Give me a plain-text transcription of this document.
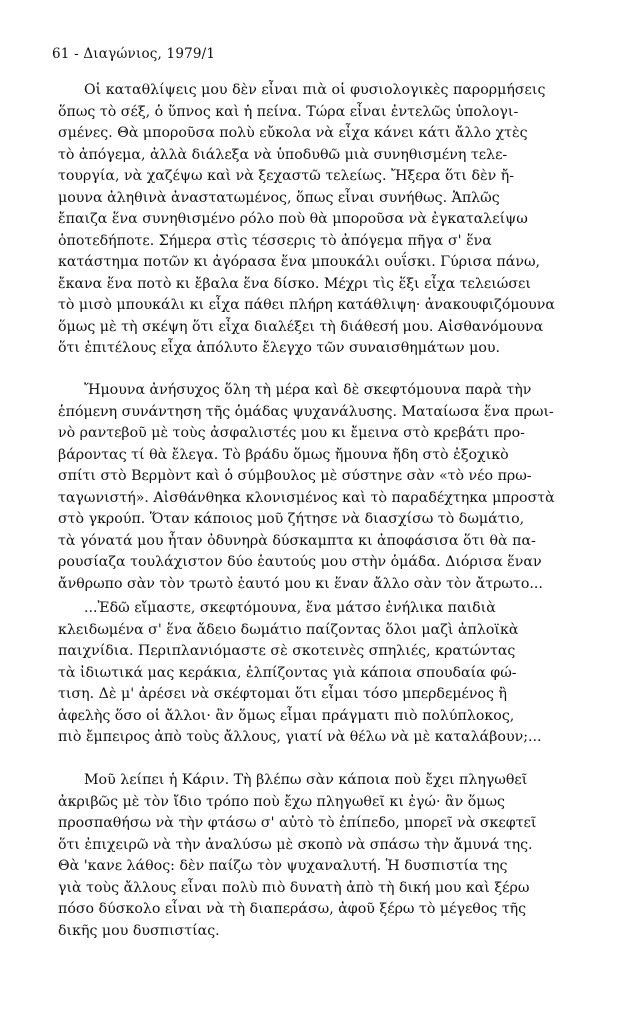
61 - Διαγώνιος, 1979/1
Οἱ καταθλίψεις μου δὲν εἶναι πιὰ οἱ φυσιολογικὲς παρορμήσεις
ὅπως τὸ σέξ, ὁ ὕπνος καὶ ἡ πείνα. Τώρα εἶναι ἐντελῶς ὑπολογι-
σμένες. Θὰ μποροῦσα πολὺ εὔκολα νὰ εἶχα κάνει κάτι ἄλλο χτὲς
τὸ ἀπόγεμα, ἀλλὰ διάλεξα νὰ ὑποδυθῶ μιὰ συνηθισμένη τελε-
τουργία, νὰ χαζέψω καὶ νὰ ξεχαστῶ τελείως. Ἤξερα ὅτι δὲν ἤ-
μουνα ἀληθινὰ ἀναστατωμένος, ὅπως εἶναι συνήθως. Ἁπλῶς
ἔπαιζα ἕνα συνηθισμένο ρόλο ποὺ θὰ μποροῦσα νὰ ἐγκαταλείψω
ὁποτεδήποτε. Σήμερα στὶς τέσσερις τὸ ἀπόγεμα πῆγα σ' ἕνα
κατάστημα ποτῶν κι ἀγόρασα ἕνα μπουκάλι ουΐσκι. Γύρισα πάνω,
ἔκανα ἕνα ποτὸ κι ἔβαλα ἕνα δίσκο. Μέχρι τὶς ἕξι εἶχα τελειώσει
τὸ μισὸ μπουκάλι κι εἶχα πάθει πλήρη κατάθλιψη· ἀνακουφιζόμουνα
ὅμως μὲ τὴ σκέψη ὅτι εἶχα διαλέξει τὴ διάθεσή μου. Αἰσθανόμουνα
ὅτι ἐπιτέλους εἶχα ἀπόλυτο ἔλεγχο τῶν συναισθημάτων μου.
Ἤμουνα ἀνήσυχος ὅλη τὴ μέρα καὶ δὲ σκεφτόμουνα παρὰ τὴν
ἑπόμενη συνάντηση τῆς ὁμάδας ψυχανάλυσης. Ματαίωσα ἕνα πρωι-
νὸ ραντεβοῦ μὲ τοὺς ἀσφαλιστές μου κι ἔμεινα στὸ κρεβάτι προ-
βάροντας τί θὰ ἔλεγα. Τὸ βράδυ ὅμως ἤμουνα ἤδη στὸ ἐξοχικὸ
σπίτι στὸ Βερμὸντ καὶ ὁ σύμβουλος μὲ σύστηνε σὰν «τὸ νέο πρω-
ταγωνιστή». Αἰσθάνθηκα κλονισμένος καὶ τὸ παραδέχτηκα μπροστὰ
στὸ γκρούπ. Ὅταν κάποιος μοῦ ζήτησε νὰ διασχίσω τὸ δωμάτιο,
τὰ γόνατά μου ἦταν ὀδυνηρὰ δύσκαμπτα κι ἀποφάσισα ὅτι θὰ πα-
ρουσίαζα τουλάχιστον δύο ἑαυτούς μου στὴν ὁμάδα. Διόρισα ἕναν
ἄνθρωπο σὰν τὸν τρωτὸ ἑαυτό μου κι ἕναν ἄλλο σὰν τὸν ἄτρωτο...
...Ἐδῶ εἴμαστε, σκεφτόμουνα, ἕνα μάτσο ἐνήλικα παιδιὰ
κλειδωμένα σ' ἕνα ἄδειο δωμάτιο παίζοντας ὅλοι μαζὶ ἀπλοϊκὰ
παιχνίδια. Περιπλανιόμαστε σὲ σκοτεινὲς σπηλιές, κρατώντας
τὰ ἰδιωτικά μας κεράκια, ἐλπίζοντας γιὰ κάποια σπουδαία φώ-
τιση. Δὲ μ' ἀρέσει νὰ σκέφτομαι ὅτι εἶμαι τόσο μπερδεμένος ἢ
ἀφελὴς ὅσο οἱ ἄλλοι· ἂν ὅμως εἶμαι πράγματι πιὸ πολύπλοκος,
πιὸ ἔμπειρος ἀπὸ τοὺς ἄλλους, γιατί νὰ θέλω νὰ μὲ καταλάβουν;...
Μοῦ λείπει ἡ Κάριν. Τὴ βλέπω σὰν κάποια ποὺ ἔχει πληγωθεῖ
ἀκριβῶς μὲ τὸν ἴδιο τρόπο ποὺ ἔχω πληγωθεῖ κι ἐγώ· ἂν ὅμως
προσπαθήσω νὰ τὴν φτάσω σ' αὐτὸ τὸ ἐπίπεδο, μπορεῖ νὰ σκεφτεῖ
ὅτι ἐπιχειρῶ νὰ τὴν ἀναλύσω μὲ σκοπὸ νὰ σπάσω τὴν ἄμυνά της.
Θὰ 'κανε λάθος: δὲν παίζω τὸν ψυχαναλυτή. Ἡ δυσπιστία της
γιὰ τοὺς ἄλλους εἶναι πολὺ πιὸ δυνατὴ ἀπὸ τὴ δική μου καὶ ξέρω
πόσο δύσκολο εἶναι νὰ τὴ διαπεράσω, ἀφοῦ ξέρω τὸ μέγεθος τῆς
δικῆς μου δυσπιστίας.
